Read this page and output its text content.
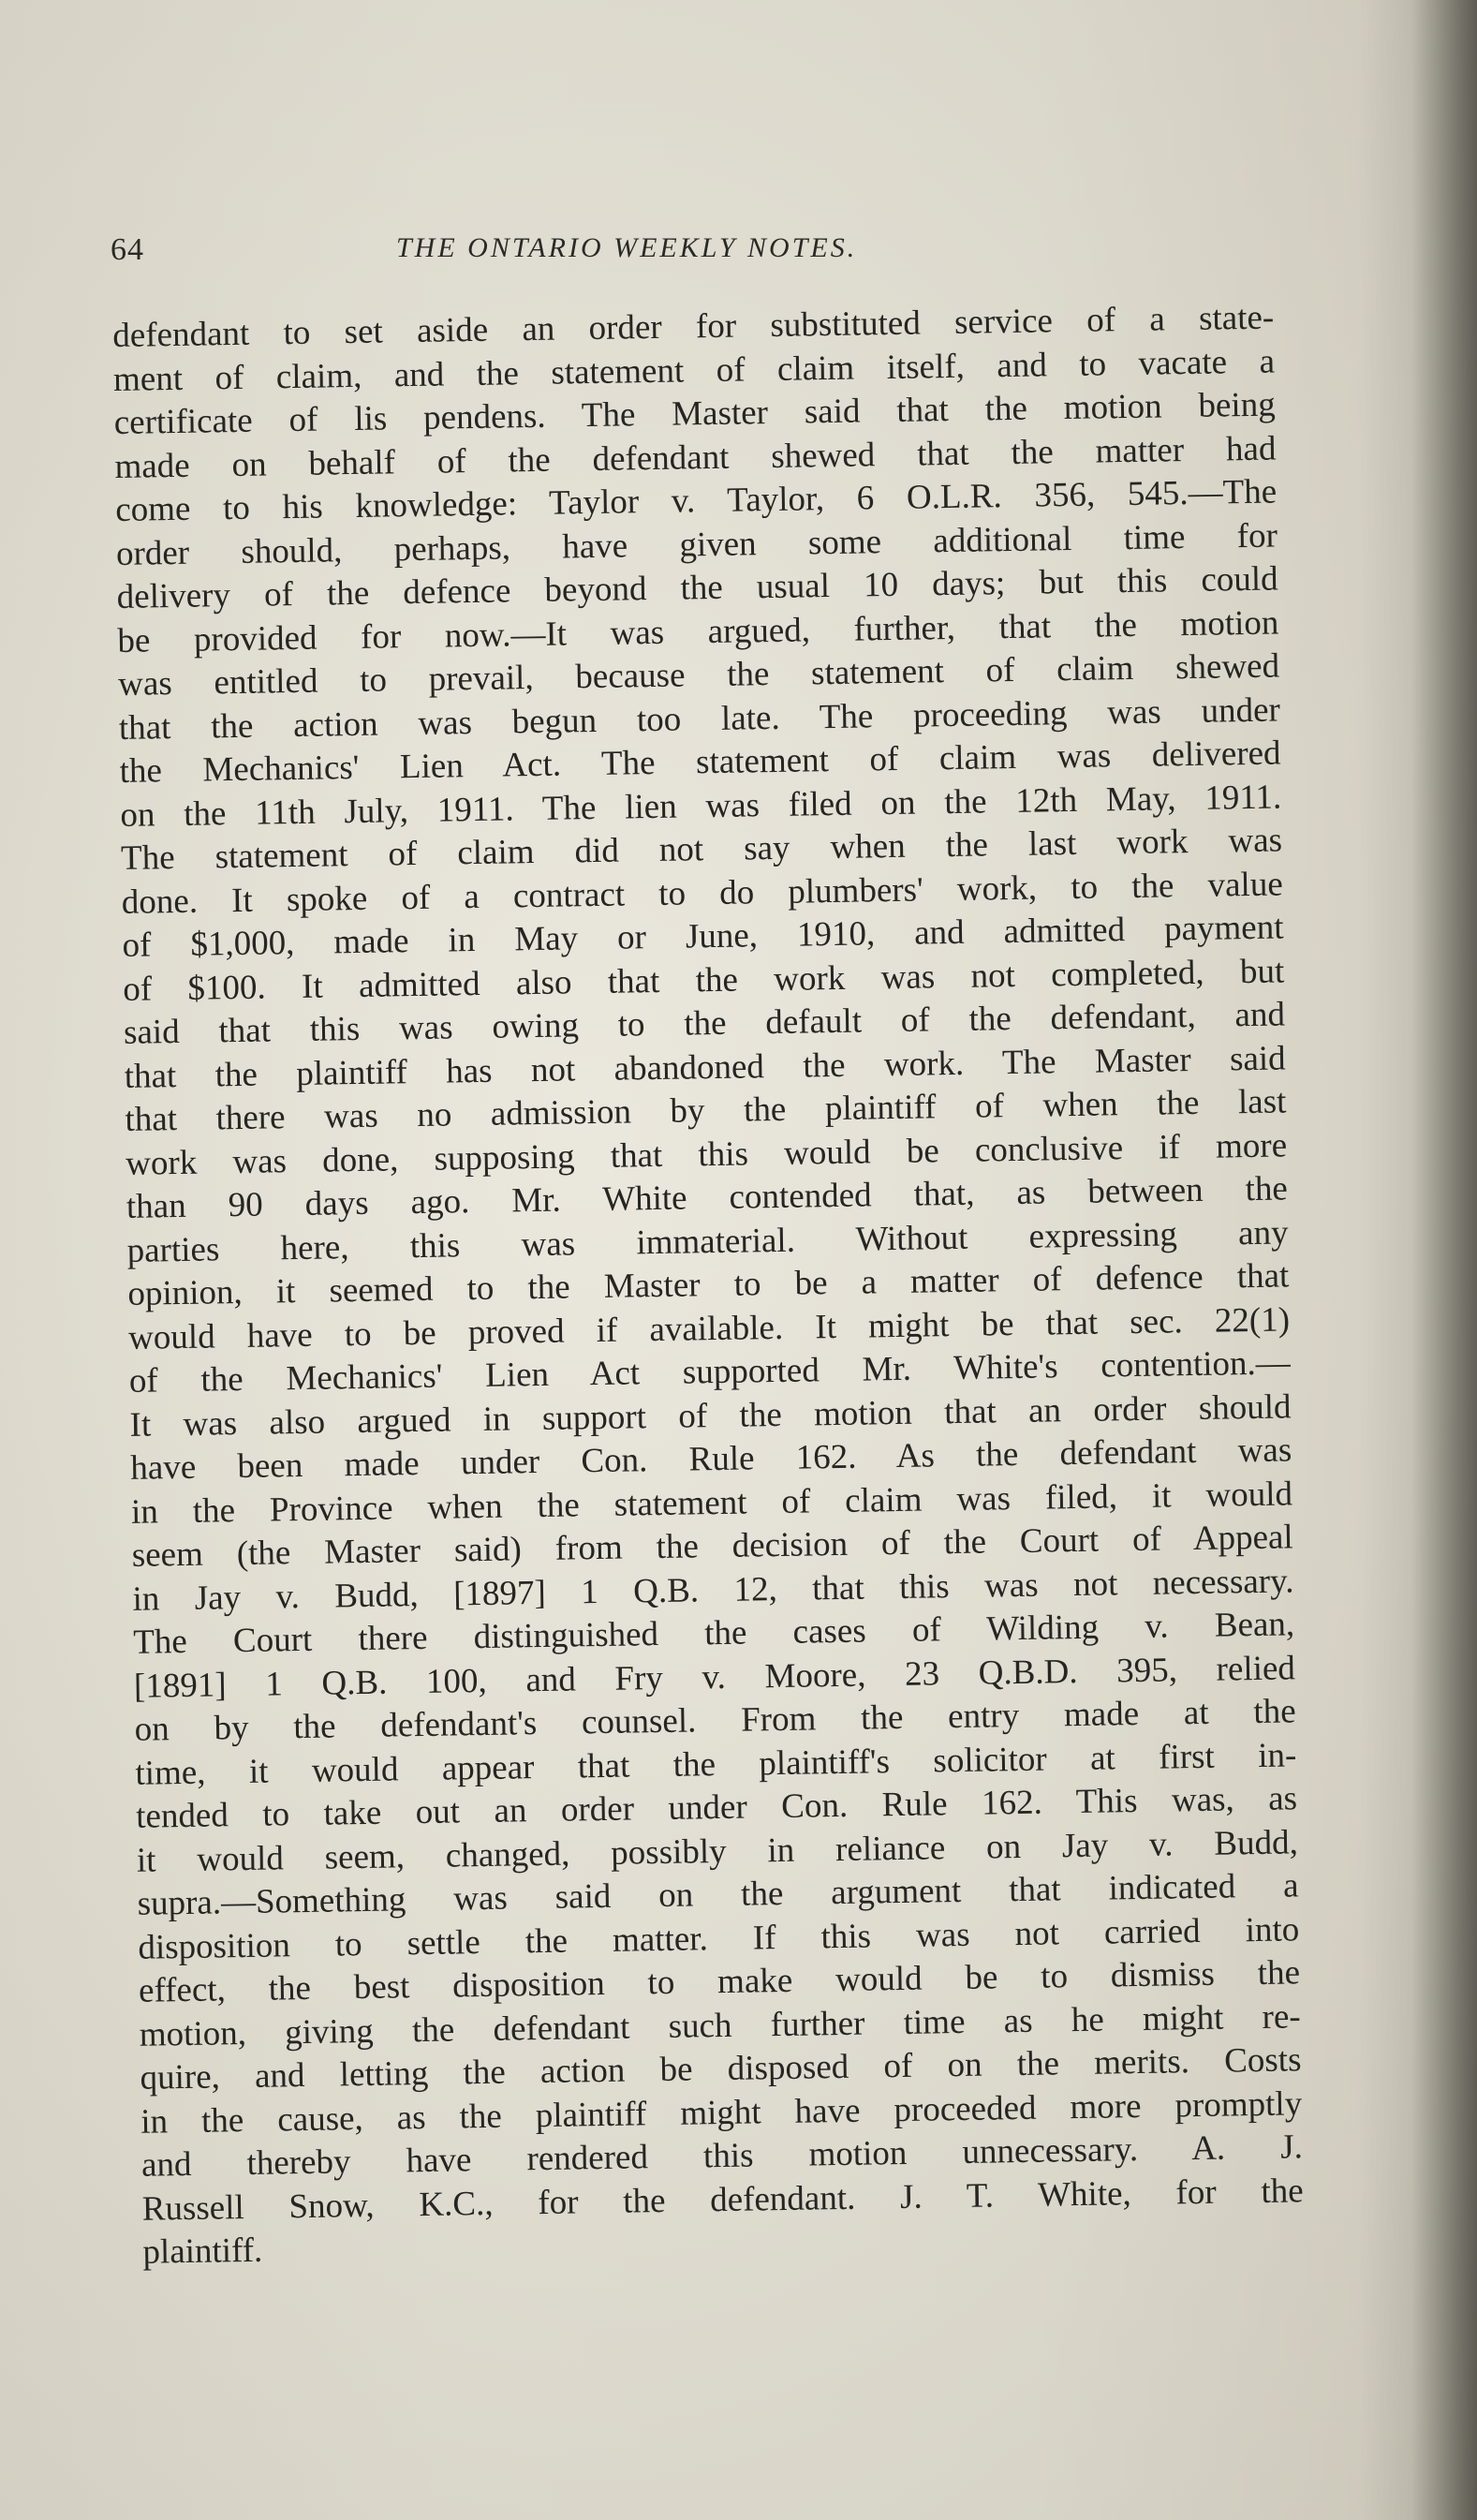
64	THE ONTARIO WEEKLY NOTES.
defendant to set aside an order for substituted service of a state-
ment of claim, and the statement of claim itself, and to vacate a
certificate of lis pendens. The Master said that the motion being
made on behalf of the defendant shewed that the matter had
come to his knowledge: Taylor v. Taylor, 6 O.L.R. 356, 545.—The
order should, perhaps, have given some additional time for
delivery of the defence beyond the usual 10 days; but this could
be provided for now.—It was argued, further, that the motion
was entitled to prevail, because the statement of claim shewed
that the action was begun too late. The proceeding was under
the Mechanics' Lien Act. The statement of claim was delivered
on the 11th July, 1911. The lien was filed on the 12th May, 1911.
The statement of claim did not say when the last work was
done. It spoke of a contract to do plumbers' work, to the value
of $1,000, made in May or June, 1910, and admitted payment
of $100. It admitted also that the work was not completed, but
said that this was owing to the default of the defendant, and
that the plaintiff has not abandoned the work. The Master said
that there was no admission by the plaintiff of when the last
work was done, supposing that this would be conclusive if more
than 90 days ago. Mr. White contended that, as between the
parties here, this was immaterial. Without expressing any
opinion, it seemed to the Master to be a matter of defence that
would have to be proved if available. It might be that sec. 22(1)
of the Mechanics' Lien Act supported Mr. White's contention.—
It was also argued in support of the motion that an order should
have been made under Con. Rule 162. As the defendant was
in the Province when the statement of claim was filed, it would
seem (the Master said) from the decision of the Court of Appeal
in Jay v. Budd, [1897] 1 Q.B. 12, that this was not necessary.
The Court there distinguished the cases of Wilding v. Bean,
[1891] 1 Q.B. 100, and Fry v. Moore, 23 Q.B.D. 395, relied
on by the defendant's counsel. From the entry made at the
time, it would appear that the plaintiff's solicitor at first in-
tended to take out an order under Con. Rule 162. This was, as
it would seem, changed, possibly in reliance on Jay v. Budd,
supra.—Something was said on the argument that indicated a
disposition to settle the matter. If this was not carried into
effect, the best disposition to make would be to dismiss the
motion, giving the defendant such further time as he might re-
quire, and letting the action be disposed of on the merits. Costs
in the cause, as the plaintiff might have proceeded more promptly
and thereby have rendered this motion unnecessary. A. J.
Russell Snow, K.C., for the defendant. J. T. White, for the
plaintiff.
